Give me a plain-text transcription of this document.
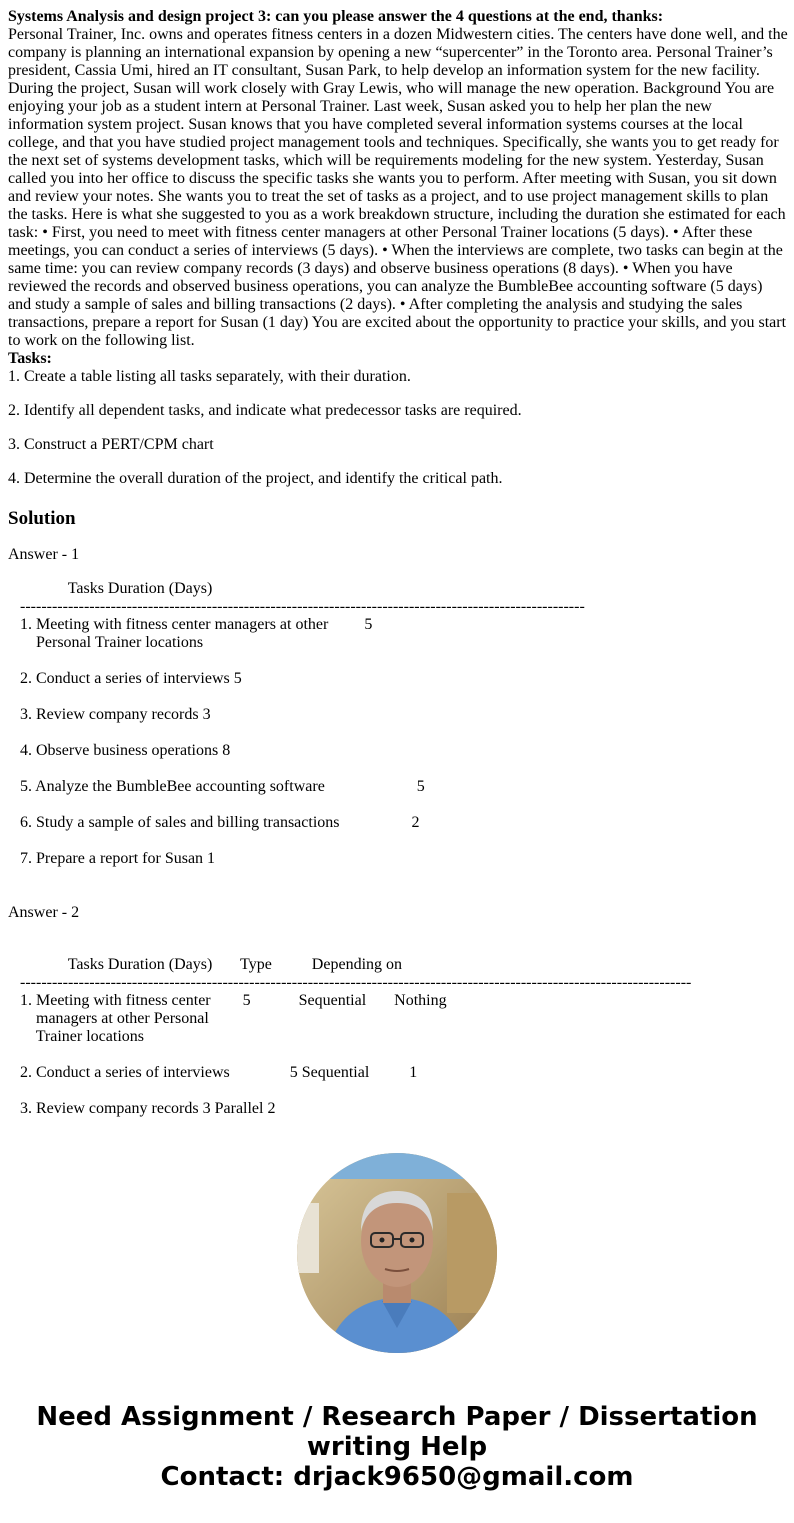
Systems Analysis and design project 3: can you please answer the 4 questions at the end, thanks:
Personal Trainer, Inc. owns and operates fitness centers in a dozen Midwestern cities. The centers have done well, and the company is planning an international expansion by opening a new “supercenter” in the Toronto area. Personal Trainer’s president, Cassia Umi, hired an IT consultant, Susan Park, to help develop an information system for the new facility. During the project, Susan will work closely with Gray Lewis, who will manage the new operation. Background You are enjoying your job as a student intern at Personal Trainer. Last week, Susan asked you to help her plan the new information system project. Susan knows that you have completed several information systems courses at the local college, and that you have studied project management tools and techniques. Specifically, she wants you to get ready for the next set of systems development tasks, which will be requirements modeling for the new system. Yesterday, Susan called you into her office to discuss the specific tasks she wants you to perform. After meeting with Susan, you sit down and review your notes. She wants you to treat the set of tasks as a project, and to use project management skills to plan the tasks. Here is what she suggested to you as a work breakdown structure, including the duration she estimated for each task: • First, you need to meet with fitness center managers at other Personal Trainer locations (5 days). • After these meetings, you can conduct a series of interviews (5 days). • When the interviews are complete, two tasks can begin at the same time: you can review company records (3 days) and observe business operations (8 days). • When you have reviewed the records and observed business operations, you can analyze the BumbleBee accounting software (5 days) and study a sample of sales and billing transactions (2 days). • After completing the analysis and studying the sales transactions, prepare a report for Susan (1 day) You are excited about the opportunity to practice your skills, and you start to work on the following list.
Tasks:
1. Create a table listing all tasks separately, with their duration.
2. Identify all dependent tasks, and indicate what predecessor tasks are required.
3. Construct a PERT/CPM chart
4. Determine the overall duration of the project, and identify the critical path.
Solution
Answer - 1
Tasks Duration (Days)
----------------------------------------------------------------------------------------------------------
1. Meeting with fitness center managers at other         5
Personal Trainer locations
2. Conduct a series of interviews 5
3. Review company records 3
4. Observe business operations 8
5. Analyze the BumbleBee accounting software                       5
6. Study a sample of sales and billing transactions                  2
7. Prepare a report for Susan 1
Answer - 2
Tasks Duration (Days)       Type          Depending on
------------------------------------------------------------------------------------------------------------------------------
1. Meeting with fitness center        5            Sequential       Nothing
managers at other Personal
Trainer locations
2. Conduct a series of interviews               5 Sequential          1
3. Review company records 3 Parallel 2
Need Assignment / Research Paper / Dissertation
writing Help
Contact: drjack9650@gmail.com
